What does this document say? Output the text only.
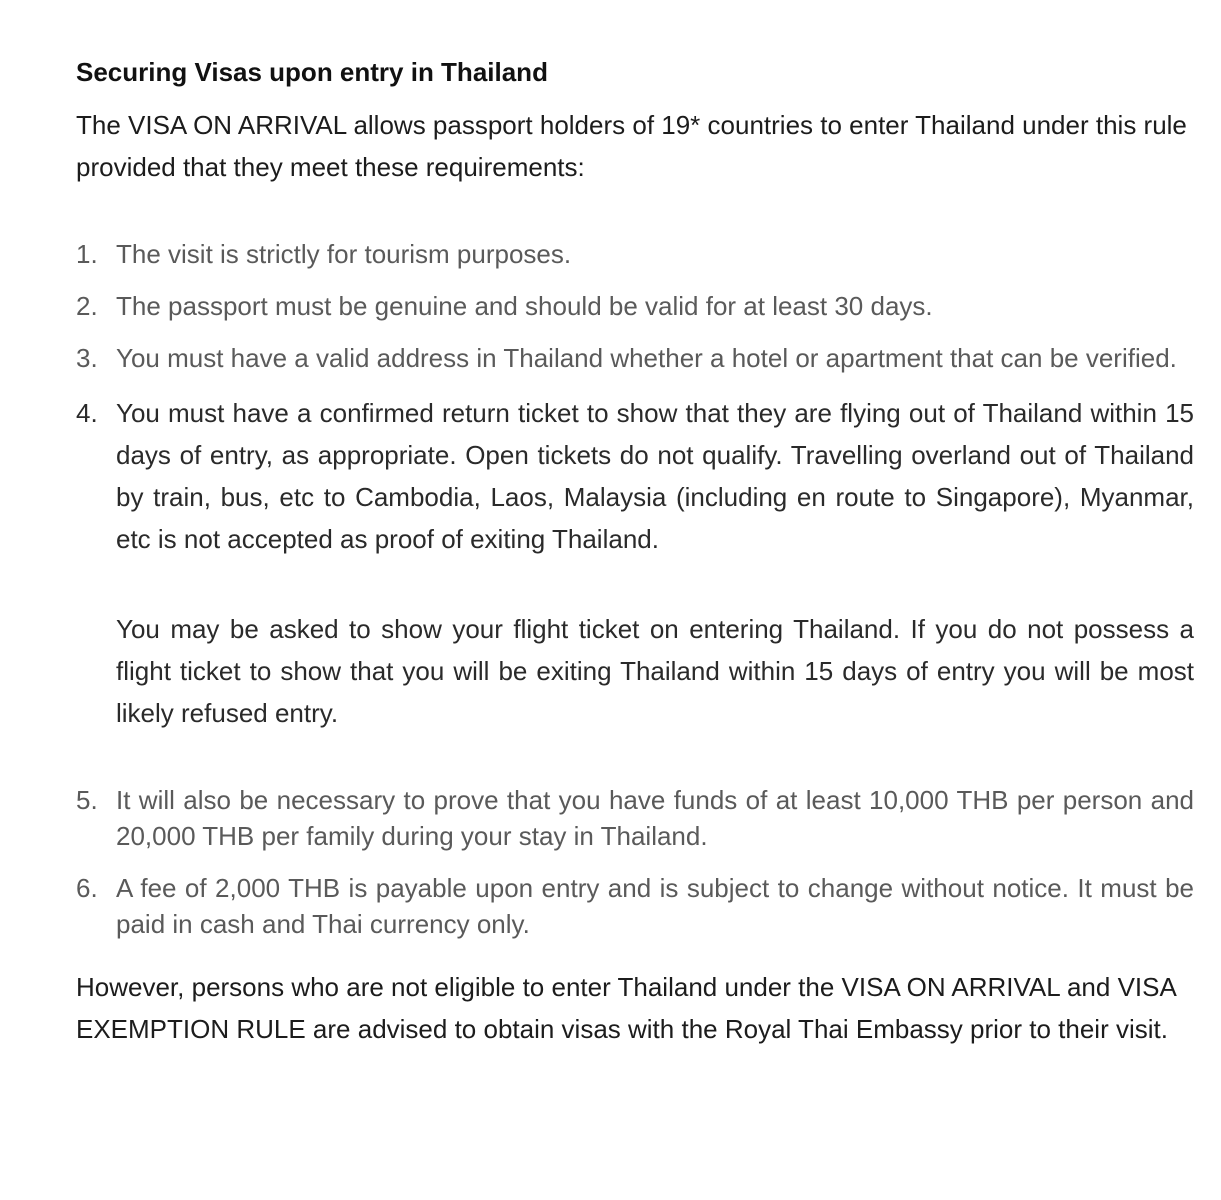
Securing Visas upon entry in Thailand

The VISA ON ARRIVAL allows passport holders of 19* countries to enter Thailand under this rule provided that they meet these requirements:

1. The visit is strictly for tourism purposes.

2. The passport must be genuine and should be valid for at least 30 days.

3. You must have a valid address in Thailand whether a hotel or apartment that can be verified.

4. You must have a confirmed return ticket to show that they are flying out of Thailand within 15 days of entry, as appropriate. Open tickets do not qualify. Travelling overland out of Thailand by train, bus, etc to Cambodia, Laos, Malaysia (including en route to Singapore), Myanmar, etc is not accepted as proof of exiting Thailand.

You may be asked to show your flight ticket on entering Thailand. If you do not possess a flight ticket to show that you will be exiting Thailand within 15 days of entry you will be most likely refused entry.

5. It will also be necessary to prove that you have funds of at least 10,000 THB per person and 20,000 THB per family during your stay in Thailand.

6. A fee of 2,000 THB is payable upon entry and is subject to change without notice. It must be paid in cash and Thai currency only.

However, persons who are not eligible to enter Thailand under the VISA ON ARRIVAL and VISA EXEMPTION RULE are advised to obtain visas with the Royal Thai Embassy prior to their visit.
